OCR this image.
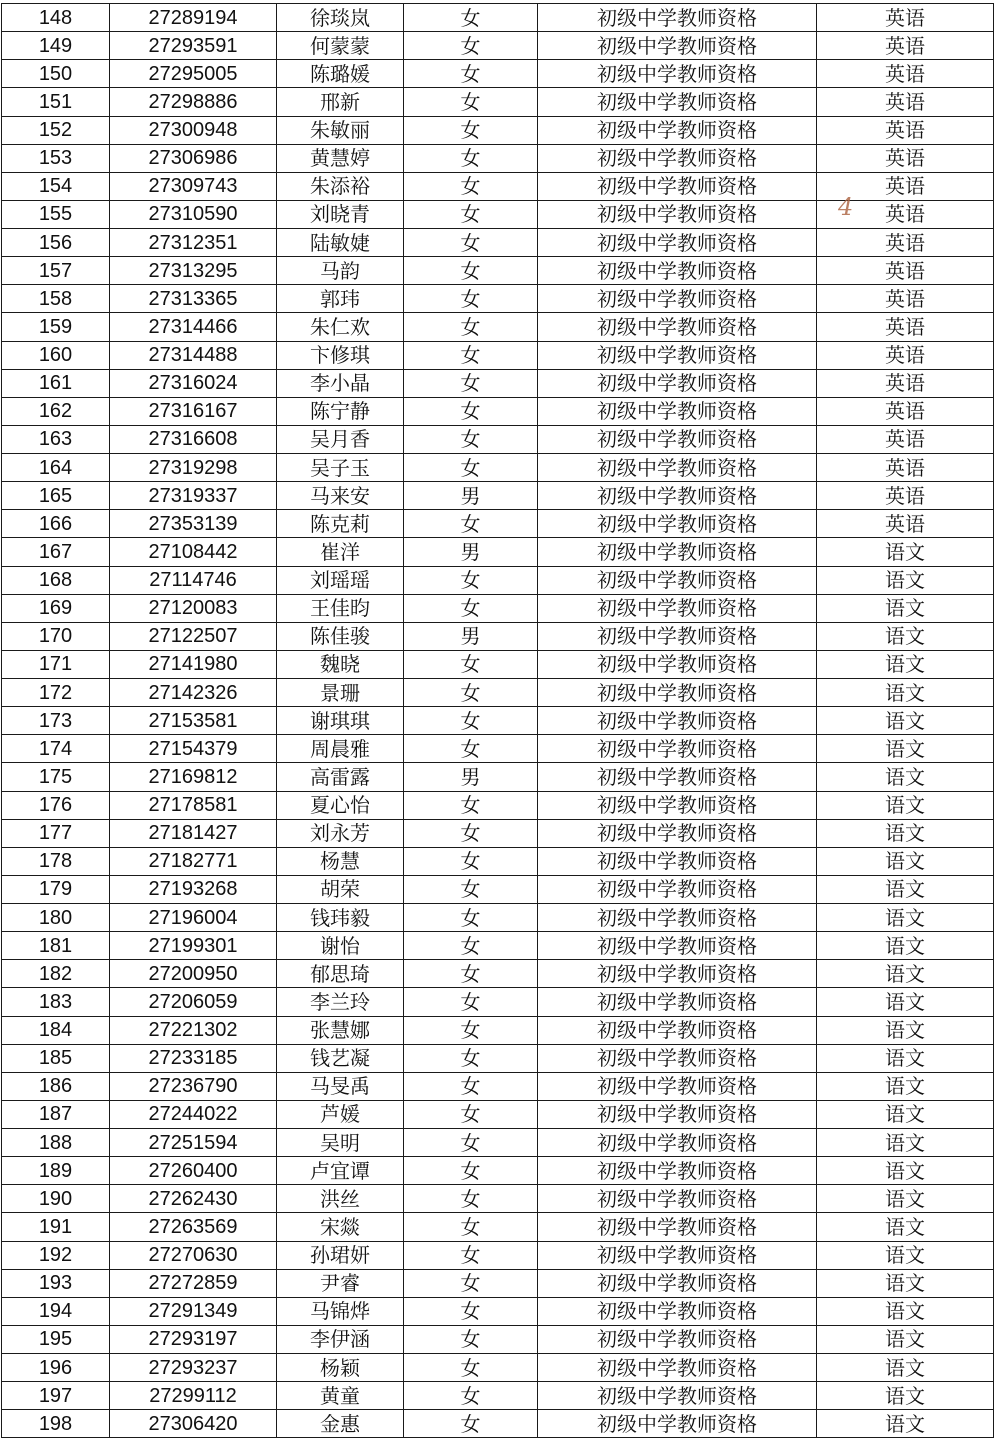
148	27289194	徐琰岚	女	初级中学教师资格	英语
149	27293591	何蒙蒙	女	初级中学教师资格	英语
150	27295005	陈璐媛	女	初级中学教师资格	英语
151	27298886	邢新	女	初级中学教师资格	英语
152	27300948	朱敏丽	女	初级中学教师资格	英语
153	27306986	黄慧婷	女	初级中学教师资格	英语
154	27309743	朱添裕	女	初级中学教师资格	英语
155	27310590	刘晓青	女	初级中学教师资格	英语
156	27312351	陆敏婕	女	初级中学教师资格	英语
157	27313295	马韵	女	初级中学教师资格	英语
158	27313365	郭玮	女	初级中学教师资格	英语
159	27314466	朱仁欢	女	初级中学教师资格	英语
160	27314488	卞修琪	女	初级中学教师资格	英语
161	27316024	李小晶	女	初级中学教师资格	英语
162	27316167	陈宁静	女	初级中学教师资格	英语
163	27316608	吴月香	女	初级中学教师资格	英语
164	27319298	吴子玉	女	初级中学教师资格	英语
165	27319337	马来安	男	初级中学教师资格	英语
166	27353139	陈克莉	女	初级中学教师资格	英语
167	27108442	崔洋	男	初级中学教师资格	语文
168	27114746	刘瑶瑶	女	初级中学教师资格	语文
169	27120083	王佳昀	女	初级中学教师资格	语文
170	27122507	陈佳骏	男	初级中学教师资格	语文
171	27141980	魏晓	女	初级中学教师资格	语文
172	27142326	景珊	女	初级中学教师资格	语文
173	27153581	谢琪琪	女	初级中学教师资格	语文
174	27154379	周晨雅	女	初级中学教师资格	语文
175	27169812	高雷露	男	初级中学教师资格	语文
176	27178581	夏心怡	女	初级中学教师资格	语文
177	27181427	刘永芳	女	初级中学教师资格	语文
178	27182771	杨慧	女	初级中学教师资格	语文
179	27193268	胡荣	女	初级中学教师资格	语文
180	27196004	钱玮毅	女	初级中学教师资格	语文
181	27199301	谢怡	女	初级中学教师资格	语文
182	27200950	郁思琦	女	初级中学教师资格	语文
183	27206059	李兰玲	女	初级中学教师资格	语文
184	27221302	张慧娜	女	初级中学教师资格	语文
185	27233185	钱艺凝	女	初级中学教师资格	语文
186	27236790	马旻禹	女	初级中学教师资格	语文
187	27244022	芦媛	女	初级中学教师资格	语文
188	27251594	吴明	女	初级中学教师资格	语文
189	27260400	卢宜谭	女	初级中学教师资格	语文
190	27262430	洪丝	女	初级中学教师资格	语文
191	27263569	宋燚	女	初级中学教师资格	语文
192	27270630	孙珺妍	女	初级中学教师资格	语文
193	27272859	尹睿	女	初级中学教师资格	语文
194	27291349	马锦烨	女	初级中学教师资格	语文
195	27293197	李伊涵	女	初级中学教师资格	语文
196	27293237	杨颖	女	初级中学教师资格	语文
197	27299112	黄童	女	初级中学教师资格	语文
198	27306420	金惠	女	初级中学教师资格	语文
4
